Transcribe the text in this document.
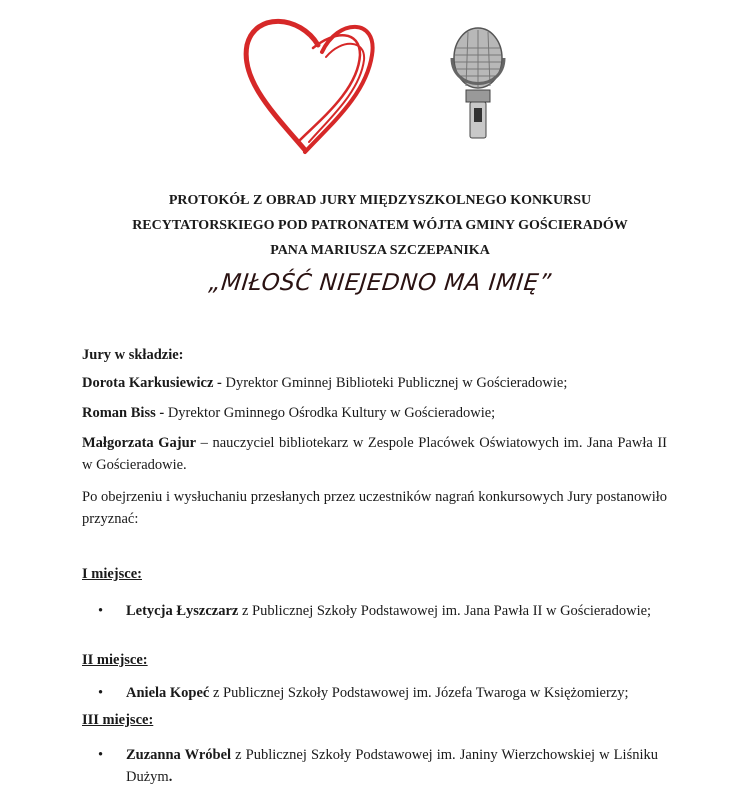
PROTOKÓŁ Z OBRAD JURY MIĘDZYSZKOLNEGO KONKURSU
RECYTATORSKIEGO POD PATRONATEM WÓJTA GMINY GOŚCIERADÓW
PANA MARIUSZA SZCZEPANIKA
„MIŁOŚĆ NIEJEDNO MA IMIĘ”
Jury w składzie:
Dorota Karkusiewicz - Dyrektor Gminnej Biblioteki Publicznej w Gościeradowie;
Roman Biss - Dyrektor Gminnego Ośrodka Kultury w Gościeradowie;
Małgorzata Gajur – nauczyciel bibliotekarz w Zespole Placówek Oświatowych im. Jana Pawła II w Gościeradowie.
Po obejrzeniu i wysłuchaniu przesłanych przez uczestników nagrań konkursowych Jury postanowiło przyznać:
I miejsce:
•	Letycja Łyszczarz z Publicznej Szkoły Podstawowej im. Jana Pawła II w Gościeradowie;
II miejsce:
•	Aniela Kopeć z Publicznej Szkoły Podstawowej im. Józefa Twaroga w Księżomierzy;
III miejsce:
•	Zuzanna Wróbel z Publicznej Szkoły Podstawowej im. Janiny Wierzchowskiej w Liśniku Dużym.
